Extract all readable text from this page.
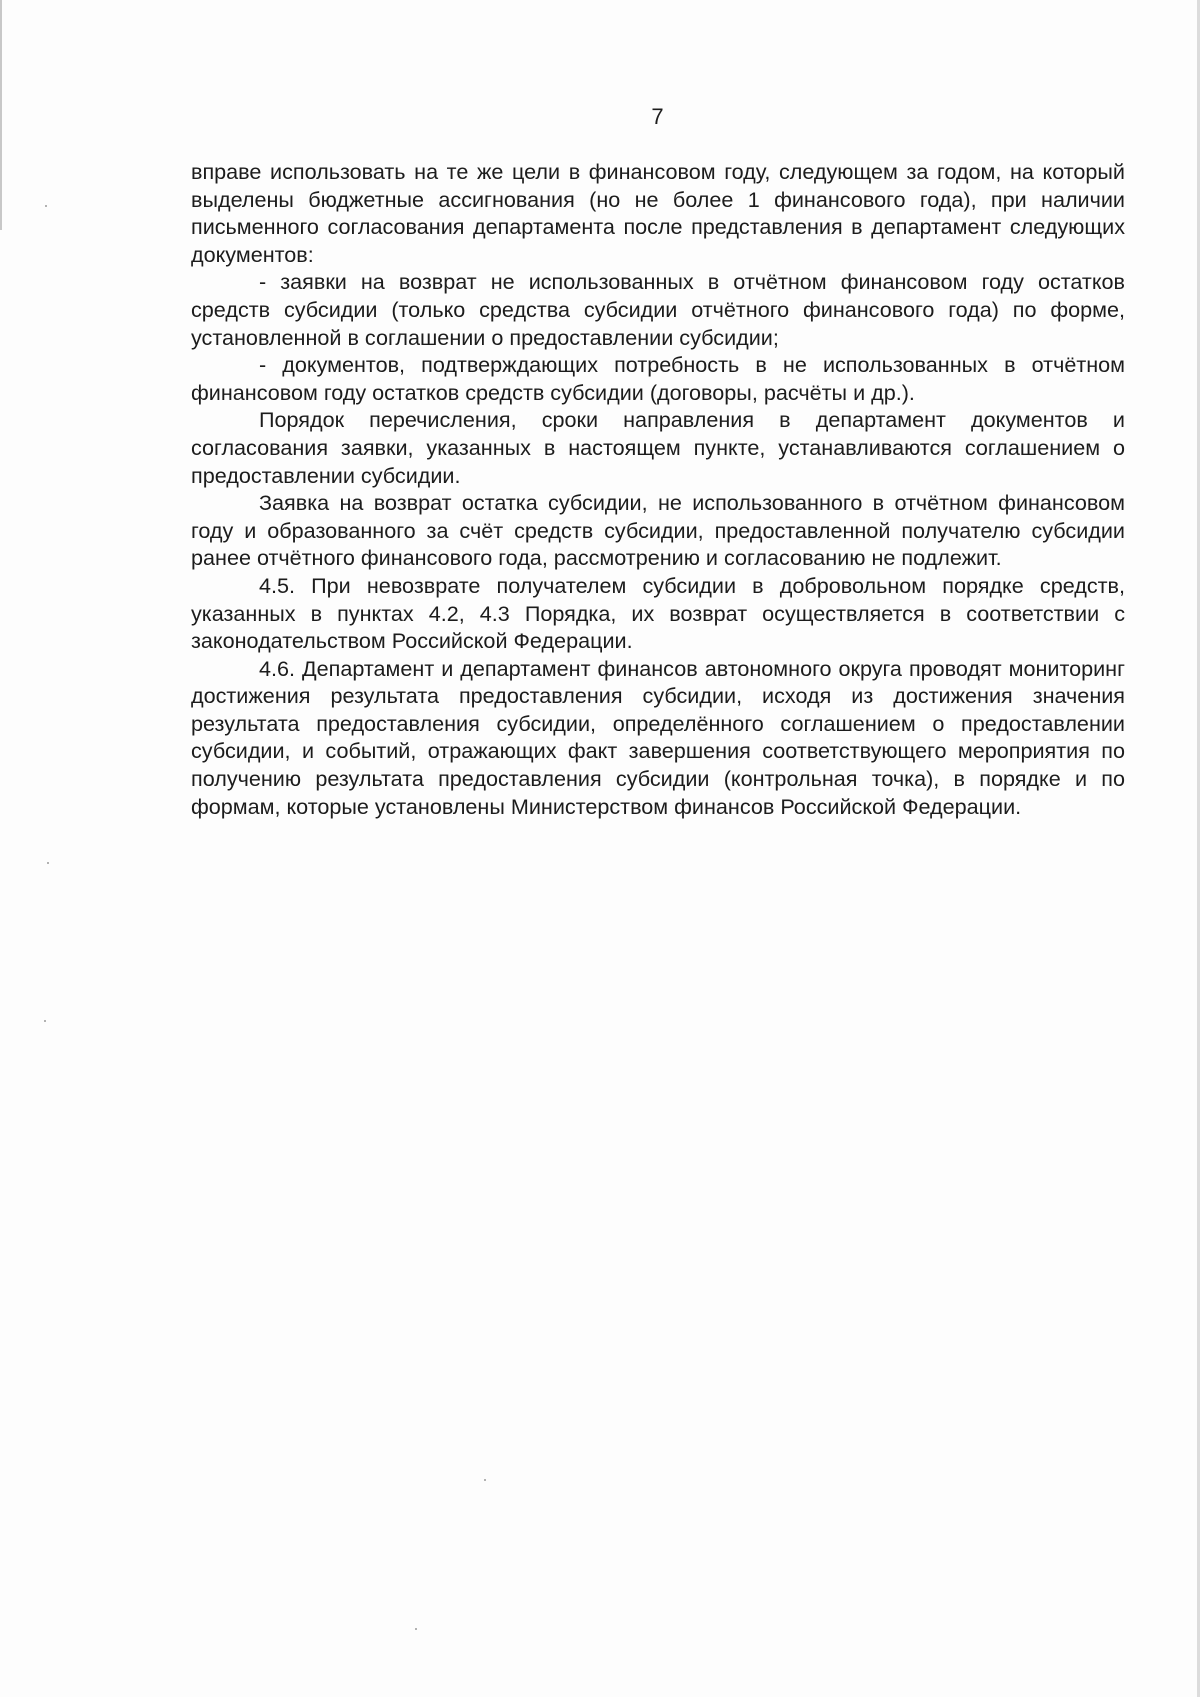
7

вправе использовать на те же цели в финансовом году, следующем за годом, на который выделены бюджетные ассигнования (но не более 1 финансового года), при наличии письменного согласования департамента после представления в департамент следующих документов:

- заявки на возврат не использованных в отчётном финансовом году остатков средств субсидии (только средства субсидии отчётного финансового года) по форме, установленной в соглашении о предоставлении субсидии;

- документов, подтверждающих потребность в не использованных в отчётном финансовом году остатков средств субсидии (договоры, расчёты и др.).

Порядок перечисления, сроки направления в департамент документов и согласования заявки, указанных в настоящем пункте, устанавливаются соглашением о предоставлении субсидии.

Заявка на возврат остатка субсидии, не использованного в отчётном финансовом году и образованного за счёт средств субсидии, предоставленной получателю субсидии ранее отчётного финансового года, рассмотрению и согласованию не подлежит.

4.5. При невозврате получателем субсидии в добровольном порядке средств, указанных в пунктах 4.2, 4.3 Порядка, их возврат осуществляется в соответствии с законодательством Российской Федерации.

4.6. Департамент и департамент финансов автономного округа проводят мониторинг достижения результата предоставления субсидии, исходя из достижения значения результата предоставления субсидии, определённого соглашением о предоставлении субсидии, и событий, отражающих факт завершения соответствующего мероприятия по получению результата предоставления субсидии (контрольная точка), в порядке и по формам, которые установлены Министерством финансов Российской Федерации.
